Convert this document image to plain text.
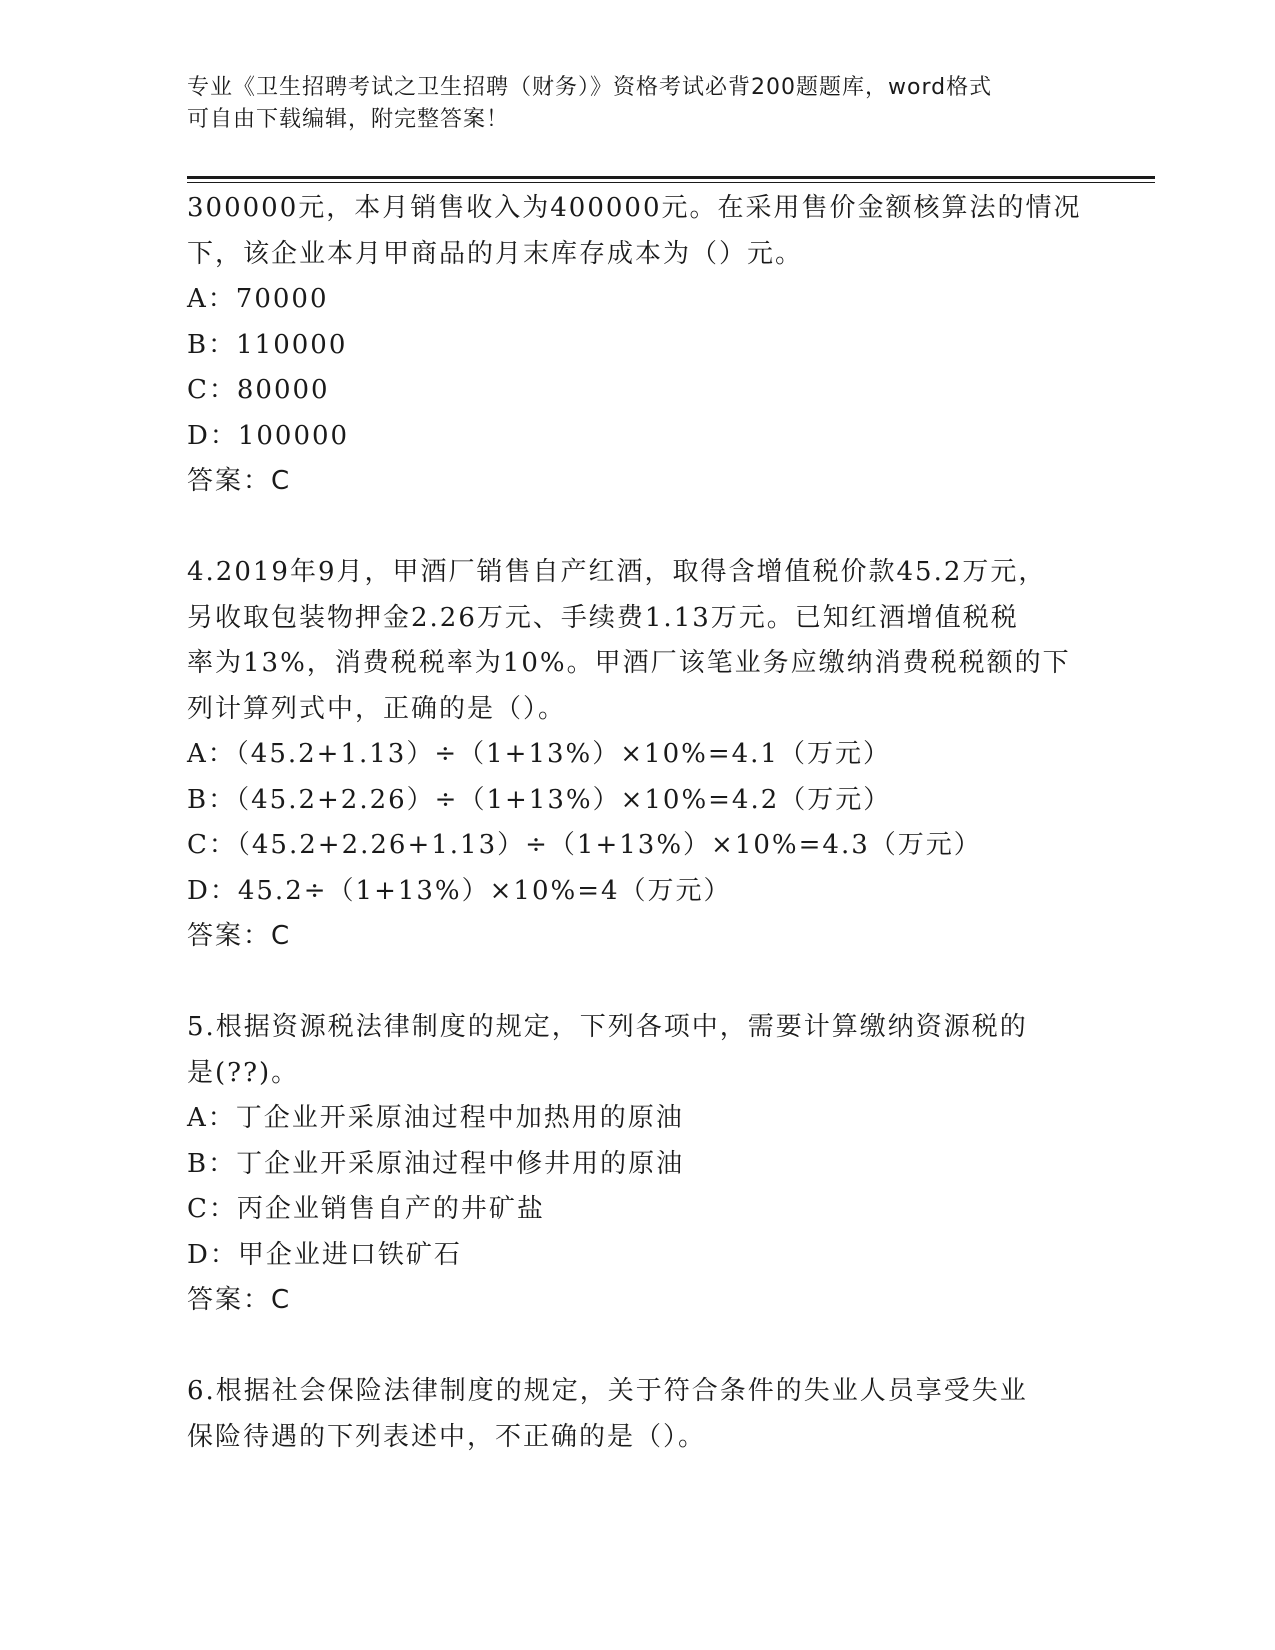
专业《卫生招聘考试之卫生招聘（财务）》资格考试必背200题题库，word格式
可自由下载编辑，附完整答案！
300000元，本月销售收入为400000元。在采用售价金额核算法的情况
下，该企业本月甲商品的月末库存成本为（）元。
A：70000
B：110000
C：80000
D：100000
答案：C
4.2019年9月，甲酒厂销售自产红酒，取得含增值税价款45.2万元，
另收取包装物押金2.26万元、手续费1.13万元。已知红酒增值税税
率为13%，消费税税率为10%。甲酒厂该笔业务应缴纳消费税税额的下
列计算列式中，正确的是（）。
A：（45.2+1.13）÷（1+13%）×10%=4.1（万元）
B：（45.2+2.26）÷（1+13%）×10%=4.2（万元）
C：（45.2+2.26+1.13）÷（1+13%）×10%=4.3（万元）
D：45.2÷（1+13%）×10%=4（万元）
答案：C
5.根据资源税法律制度的规定，下列各项中，需要计算缴纳资源税的
是(??)。
A：丁企业开采原油过程中加热用的原油
B：丁企业开采原油过程中修井用的原油
C：丙企业销售自产的井矿盐
D：甲企业进口铁矿石
答案：C
6.根据社会保险法律制度的规定，关于符合条件的失业人员享受失业
保险待遇的下列表述中，不正确的是（）。
